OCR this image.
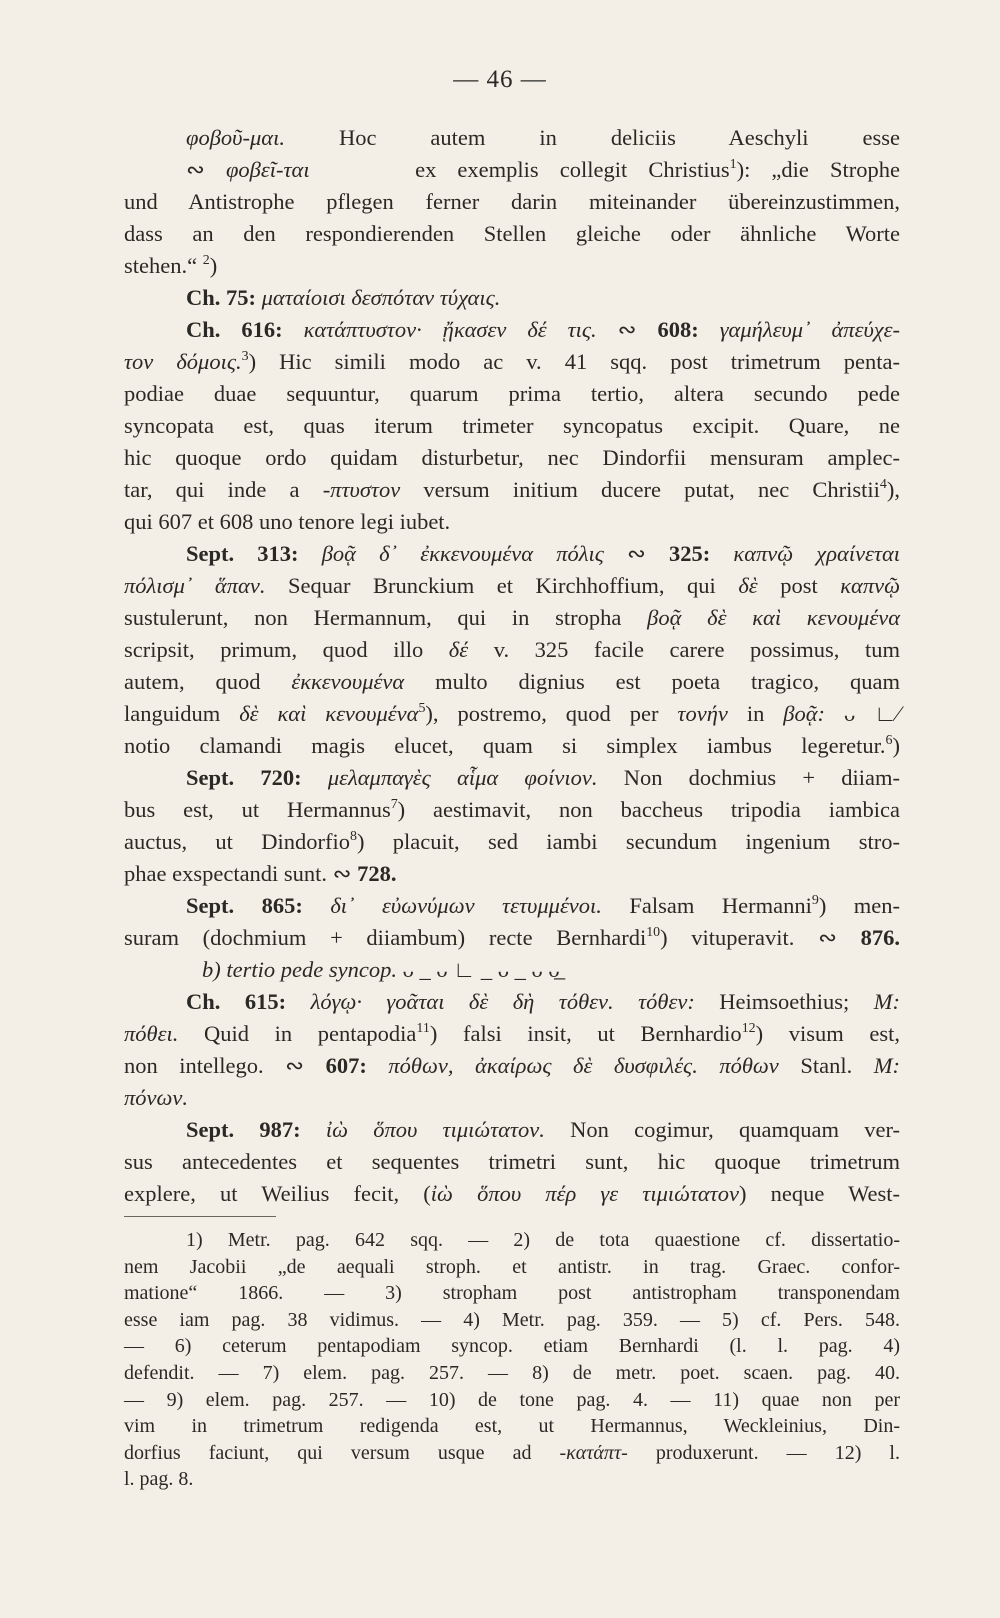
— 46 —
φοβοῦ-μαι. Hoc autem in deliciis Aeschyli esse
∾ φοβεῖ-ται     ex exemplis collegit Christius$^1$): „die Strophe
und Antistrophe pflegen ferner darin miteinander übereinzustimmen,
dass an den respondierenden Stellen gleiche oder ähnliche Worte
stehen.“ $^2$)
Ch. 75: ματαίοισι δεσπόταν τύχαις.
Ch. 616: κατάπτυστον· ᾔκασεν δέ τις. ∾ 608: γαμήλευμ᾽ ἀπεύχε-
τον δόμοις.$^3$) Hic simili modo ac v. 41 sqq. post trimetrum penta-
podiae duae sequuntur, quarum prima tertio, altera secundo pede
syncopata est, quas iterum trimeter syncopatus excipit. Quare, ne
hic quoque ordo quidam disturbetur, nec Dindorfii mensuram amplec-
tar, qui inde a -πτυστον versum initium ducere putat, nec Christii$^4$),
qui 607 et 608 uno tenore legi iubet.
Sept. 313: βοᾷ δ᾽ ἐκκενουμένα πόλις ∾ 325: καπνῷ χραίνεται
πόλισμ᾽ ἅπαν. Sequar Brunckium et Kirchhoffium, qui δὲ post καπνῷ
sustulerunt, non Hermannum, qui in stropha βοᾷ δὲ καὶ κενουμένα
scripsit, primum, quod illo δέ v. 325 facile carere possimus, tum
autem, quod ἐκκενουμένα multo dignius est poeta tragico, quam
languidum δὲ καὶ κενουμένα$^5$), postremo, quod per τονήν in βοᾷ: ᴗ ∟⁄
notio clamandi magis elucet, quam si simplex iambus legeretur.$^6$)
Sept. 720: μελαμπαγὲς αἷμα φοίνιον. Non dochmius + diiam-
bus est, ut Hermannus$^7$) aestimavit, non baccheus tripodia iambica
auctus, ut Dindorfio$^8$) placuit, sed iambi secundum ingenium stro-
phae exspectandi sunt. ∾ 728.
Sept. 865: δι᾽ εὐωνύμων τετυμμένοι. Falsam Hermanni$^9$) men-
suram (dochmium + diiambum) recte Bernhardi$^{10}$) vituperavit. ∾ 876.
b) tertio pede syncop. ᴗ _ ᴗ ∟ _ ᴗ _ ᴗ ᴗ̲
Ch. 615: λόγῳ· γοᾶται δὲ δὴ τόθεν. τόθεν: Heimsoethius; M:
πόθει. Quid in pentapodia$^{11}$) falsi insit, ut Bernhardio$^{12}$) visum est,
non intellego. ∾ 607: πόθων, ἀκαίρως δὲ δυσφιλές. πόθων Stanl. M:
πόνων.
Sept. 987: ἰὼ ὅπου τιμιώτατον. Non cogimur, quamquam ver-
sus antecedentes et sequentes trimetri sunt, hic quoque trimetrum
explere, ut Weilius fecit, (ἰὼ ὅπου πέρ γε τιμιώτατον) neque West-
1) Metr. pag. 642 sqq. — 2) de tota quaestione cf. dissertatio-
nem Jacobii „de aequali stroph. et antistr. in trag. Graec. confor-
matione“ 1866. — 3) stropham post antistropham transponendam
esse iam pag. 38 vidimus. — 4) Metr. pag. 359. — 5) cf. Pers. 548.
— 6) ceterum pentapodiam syncop. etiam Bernhardi (l. l. pag. 4)
defendit. — 7) elem. pag. 257. — 8) de metr. poet. scaen. pag. 40.
— 9) elem. pag. 257. — 10) de tone pag. 4. — 11) quae non per
vim in trimetrum redigenda est, ut Hermannus, Weckleinius, Din-
dorfius faciunt, qui versum usque ad -κατάπτ- produxerunt. — 12) l.
l. pag. 8.
